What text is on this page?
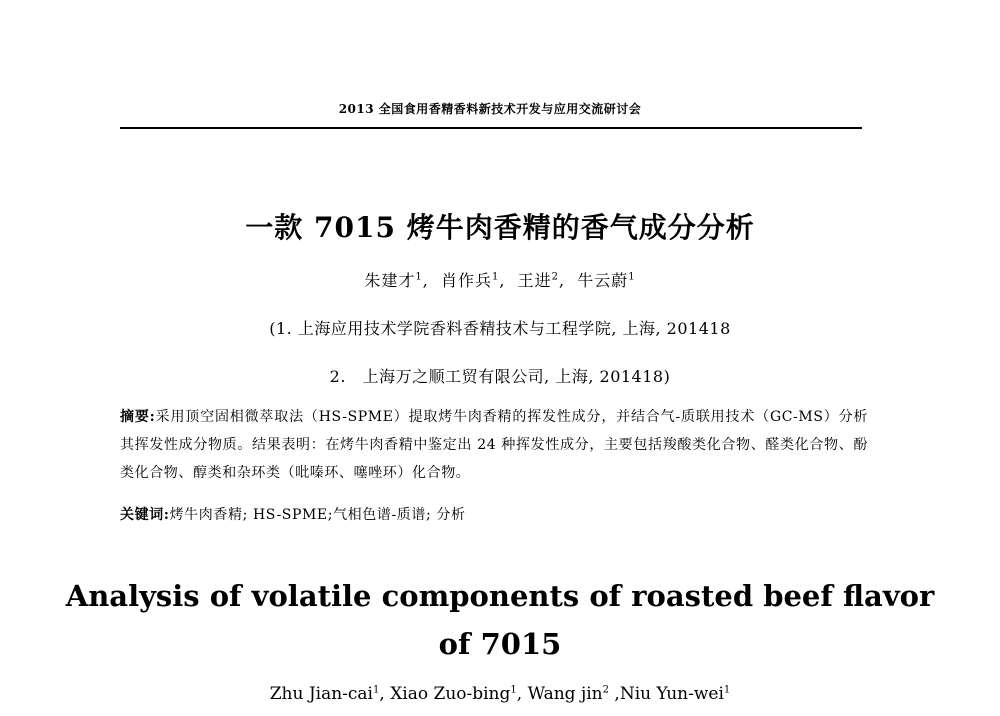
2013 全国食用香精香料新技术开发与应用交流研讨会
一款 7015 烤牛肉香精的香气成分分析
朱建才$^1$,  肖作兵$^1$,  王进$^2$,  牛云蔚$^1$
(1. 上海应用技术学院香料香精技术与工程学院, 上海, 201418
2.   上海万之顺工贸有限公司, 上海, 201418)
摘要:采用顶空固相微萃取法（HS-SPME）提取烤牛肉香精的挥发性成分，并结合气-质联用技术（GC-MS）分析其挥发性成分物质。结果表明：在烤牛肉香精中鉴定出 24 种挥发性成分，主要包括羧酸类化合物、醛类化合物、酚类化合物、醇类和杂环类（吡嗪环、噻唑环）化合物。
关键词:烤牛肉香精; HS-SPME;气相色谱-质谱; 分析
Analysis of volatile components of roasted beef flavor
of 7015
Zhu Jian-cai$^1$, Xiao Zuo-bing$^1$, Wang jin$^2$ ,Niu Yun-wei$^1$
